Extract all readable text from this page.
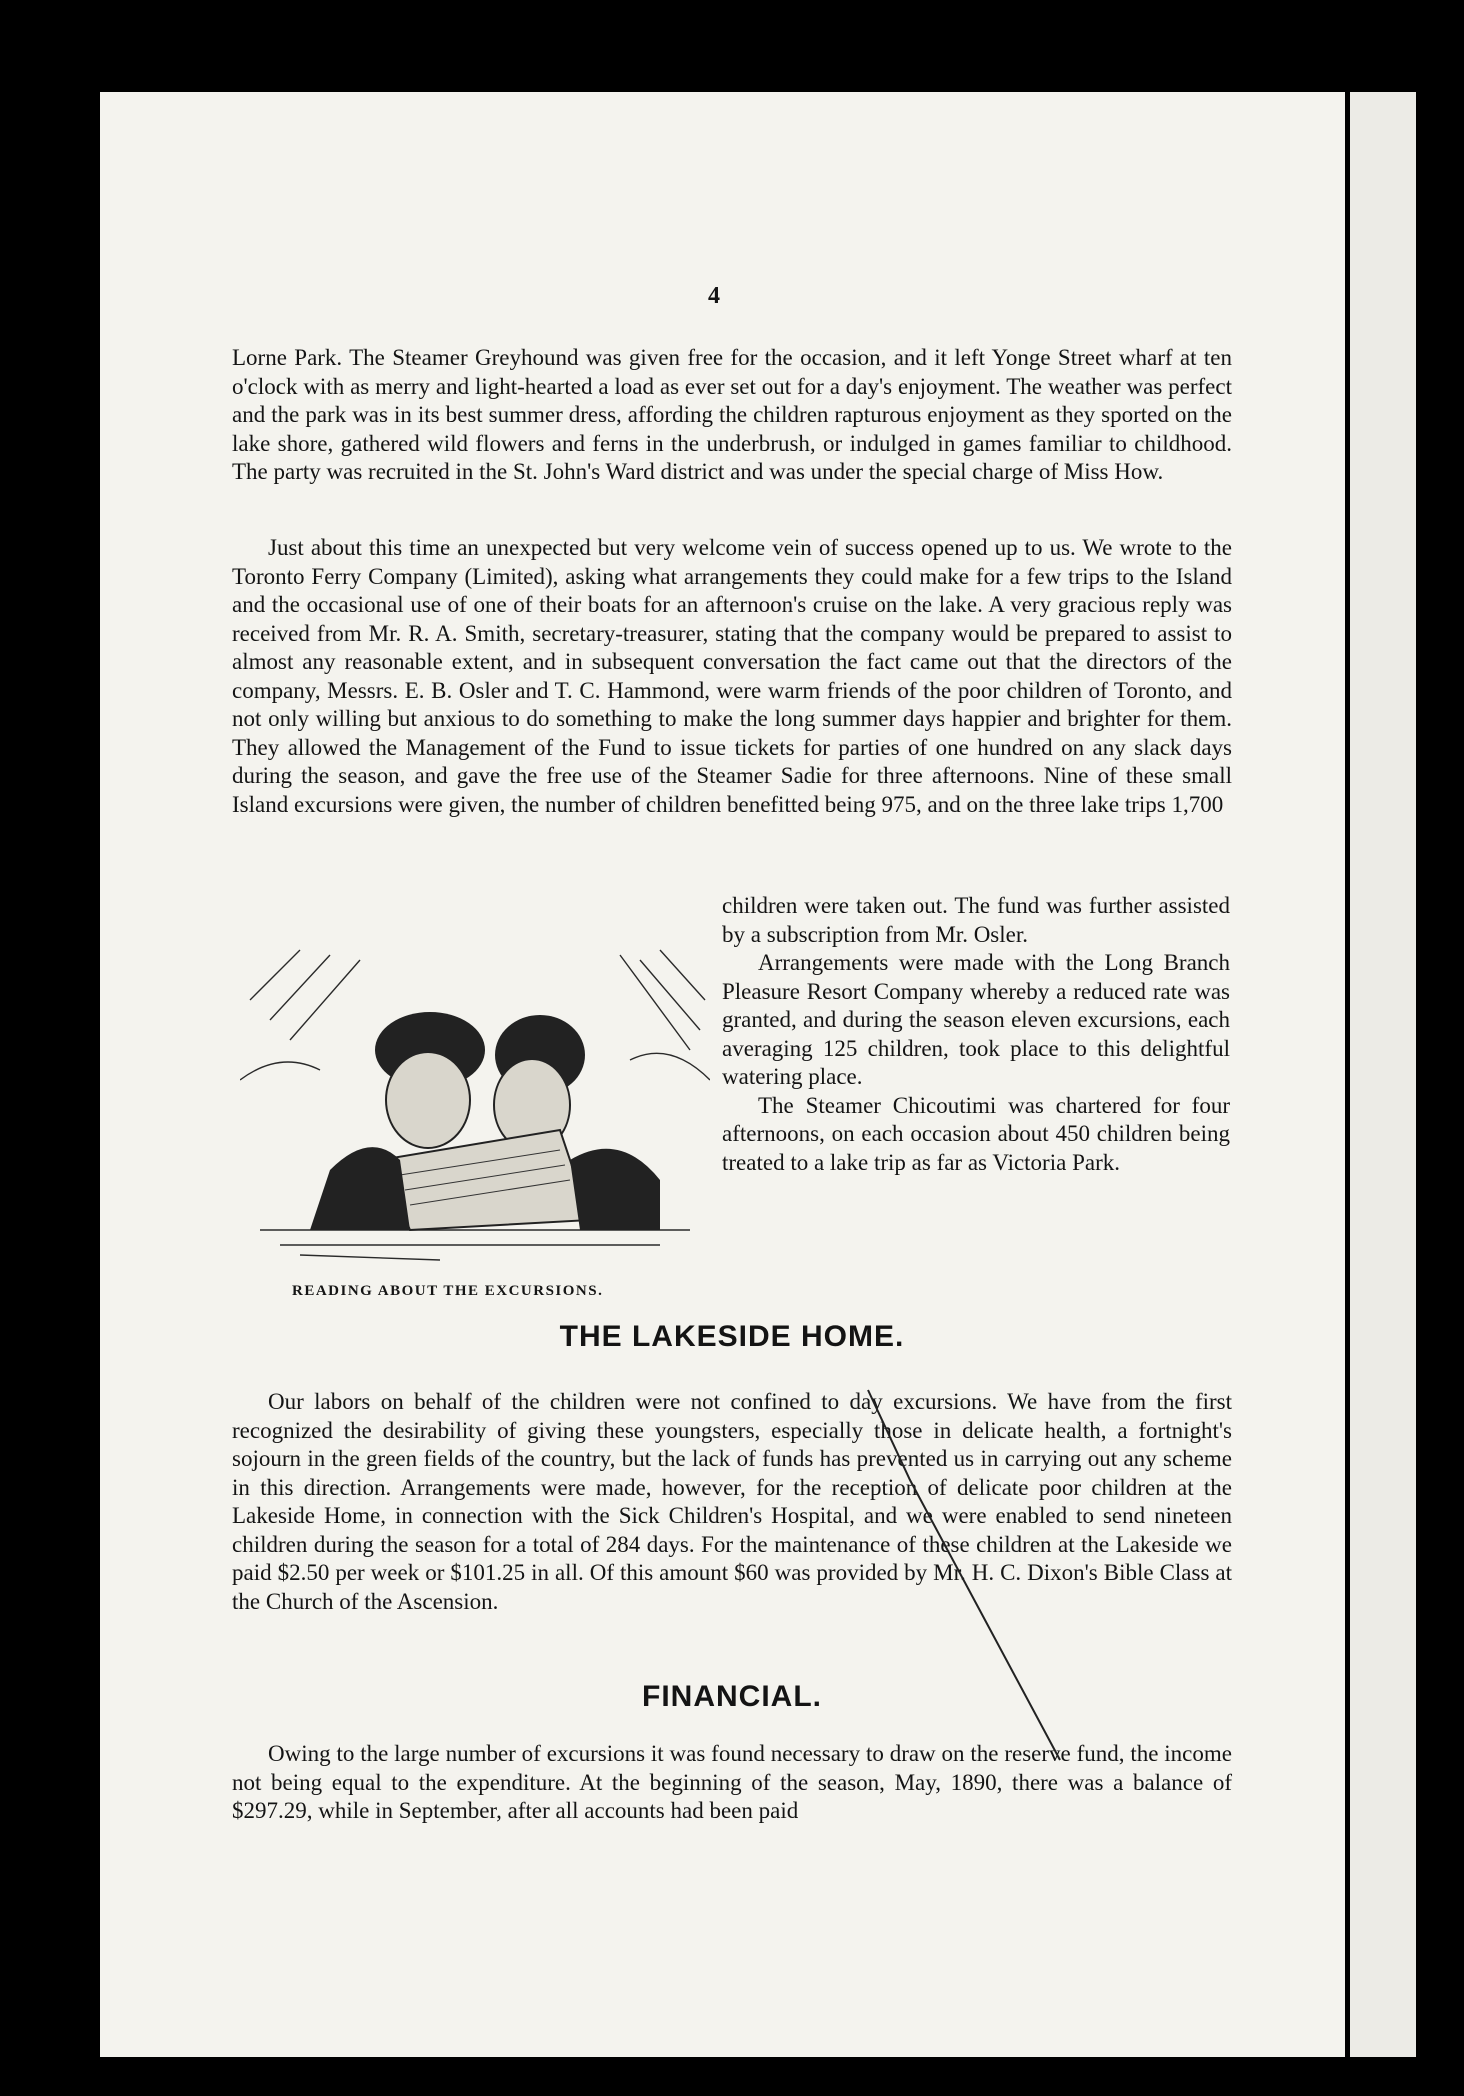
4

Lorne Park. The Steamer Greyhound was given free for the occasion, and it left Yonge Street wharf at ten o'clock with as merry and light-hearted a load as ever set out for a day's enjoyment. The weather was perfect and the park was in its best summer dress, affording the children rapturous enjoyment as they sported on the lake shore, gathered wild flowers and ferns in the underbrush, or indulged in games familiar to childhood. The party was recruited in the St. John's Ward district and was under the special charge of Miss How.

Just about this time an unexpected but very welcome vein of success opened up to us. We wrote to the Toronto Ferry Company (Limited), asking what arrangements they could make for a few trips to the Island and the occasional use of one of their boats for an afternoon's cruise on the lake. A very gracious reply was received from Mr. R. A. Smith, secretary-treasurer, stating that the company would be prepared to assist to almost any reasonable extent, and in subsequent conversation the fact came out that the directors of the company, Messrs. E. B. Osler and T. C. Hammond, were warm friends of the poor children of Toronto, and not only willing but anxious to do something to make the long summer days happier and brighter for them. They allowed the Management of the Fund to issue tickets for parties of one hundred on any slack days during the season, and gave the free use of the Steamer Sadie for three afternoons. Nine of these small Island excursions were given, the number of children benefitted being 975, and on the three lake trips 1,700

children were taken out. The fund was further assisted by a subscription from Mr. Osler.

Arrangements were made with the Long Branch Pleasure Resort Company whereby a reduced rate was granted, and during the season eleven excursions, each averaging 125 children, took place to this delightful watering place.

The Steamer Chicoutimi was chartered for four afternoons, on each occasion about 450 children being treated to a lake trip as far as Victoria Park.

READING ABOUT THE EXCURSIONS.
THE LAKESIDE HOME.

Our labors on behalf of the children were not confined to day excursions. We have from the first recognized the desirability of giving these youngsters, especially those in delicate health, a fortnight's sojourn in the green fields of the country, but the lack of funds has prevented us in carrying out any scheme in this direction. Arrangements were made, however, for the reception of delicate poor children at the Lakeside Home, in connection with the Sick Children's Hospital, and we were enabled to send nineteen children during the season for a total of 284 days. For the maintenance of these children at the Lakeside we paid $2.50 per week or $101.25 in all. Of this amount $60 was provided by Mr. H. C. Dixon's Bible Class at the Church of the Ascension.

FINANCIAL.

Owing to the large number of excursions it was found necessary to draw on the reserve fund, the income not being equal to the expenditure. At the beginning of the season, May, 1890, there was a balance of $297.29, while in September, after all accounts had been paid
